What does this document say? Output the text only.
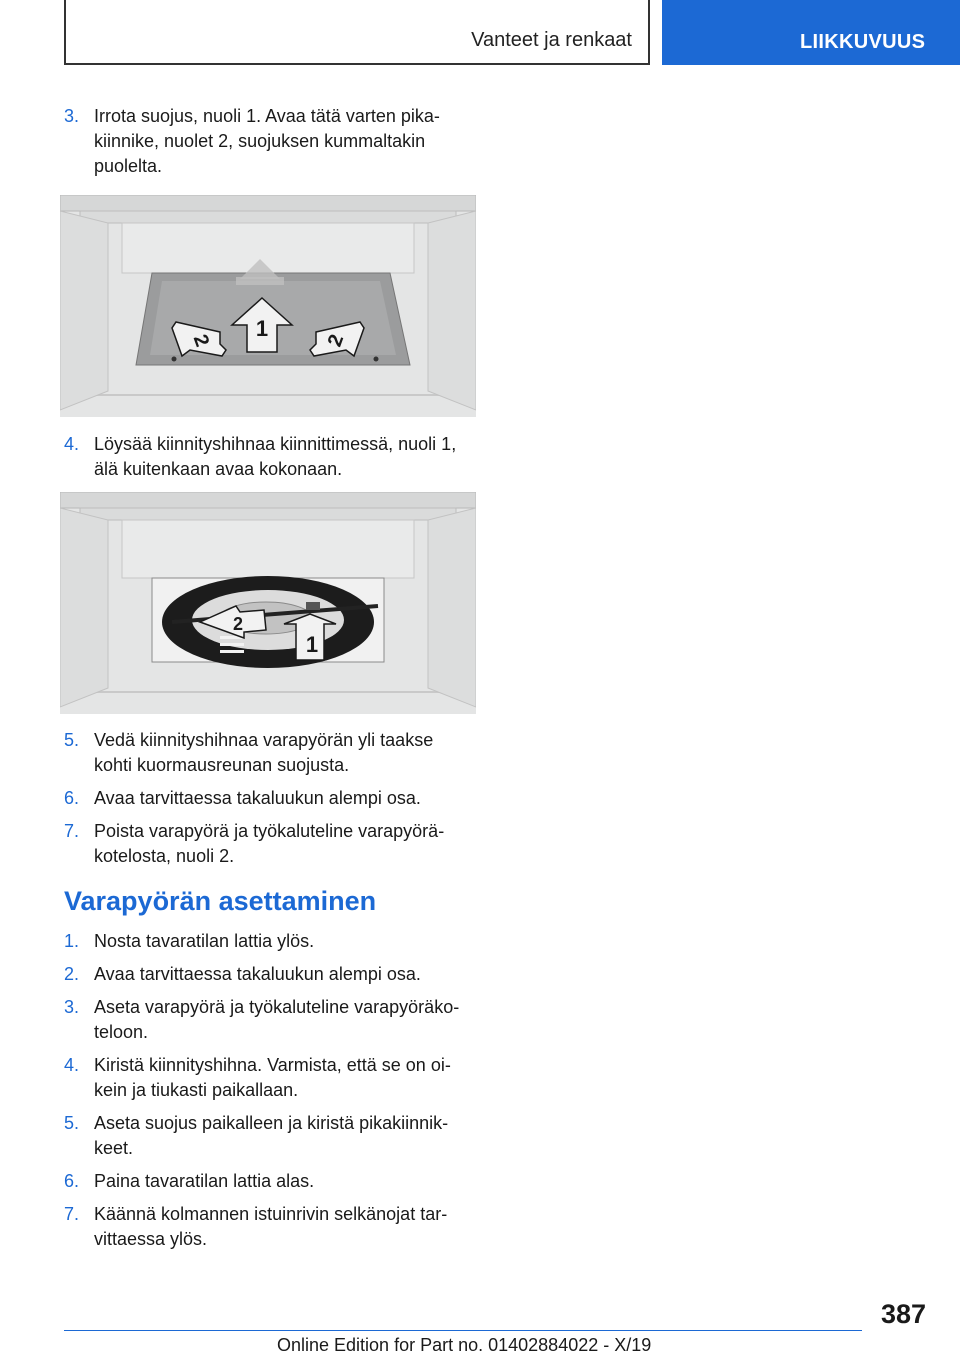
Vanteet ja renkaat	LIIKKUVUUS
3. Irrota suojus, nuoli 1. Avaa tätä varten pika-kiinnike, nuolet 2, suojuksen kummaltakin puolelta.
1
2	2
4. Löysää kiinnityshihnaa kiinnittimessä, nuoli 1, älä kuitenkaan avaa kokonaan.
2
1
5. Vedä kiinnityshihnaa varapyörän yli taakse kohti kuormausreunan suojusta.
6. Avaa tarvittaessa takaluukun alempi osa.
7. Poista varapyörä ja työkaluteline varapyörä-kotelosta, nuoli 2.
Varapyörän asettaminen
1. Nosta tavaratilan lattia ylös.
2. Avaa tarvittaessa takaluukun alempi osa.
3. Aseta varapyörä ja työkaluteline varapyöräko-teloon.
4. Kiristä kiinnityshihna. Varmista, että se on oi-kein ja tiukasti paikallaan.
5. Aseta suojus paikalleen ja kiristä pikakiinnik-keet.
6. Paina tavaratilan lattia alas.
7. Käännä kolmannen istuinrivin selkänojat tar-vittaessa ylös.
387
Online Edition for Part no. 01402884022 - X/19
